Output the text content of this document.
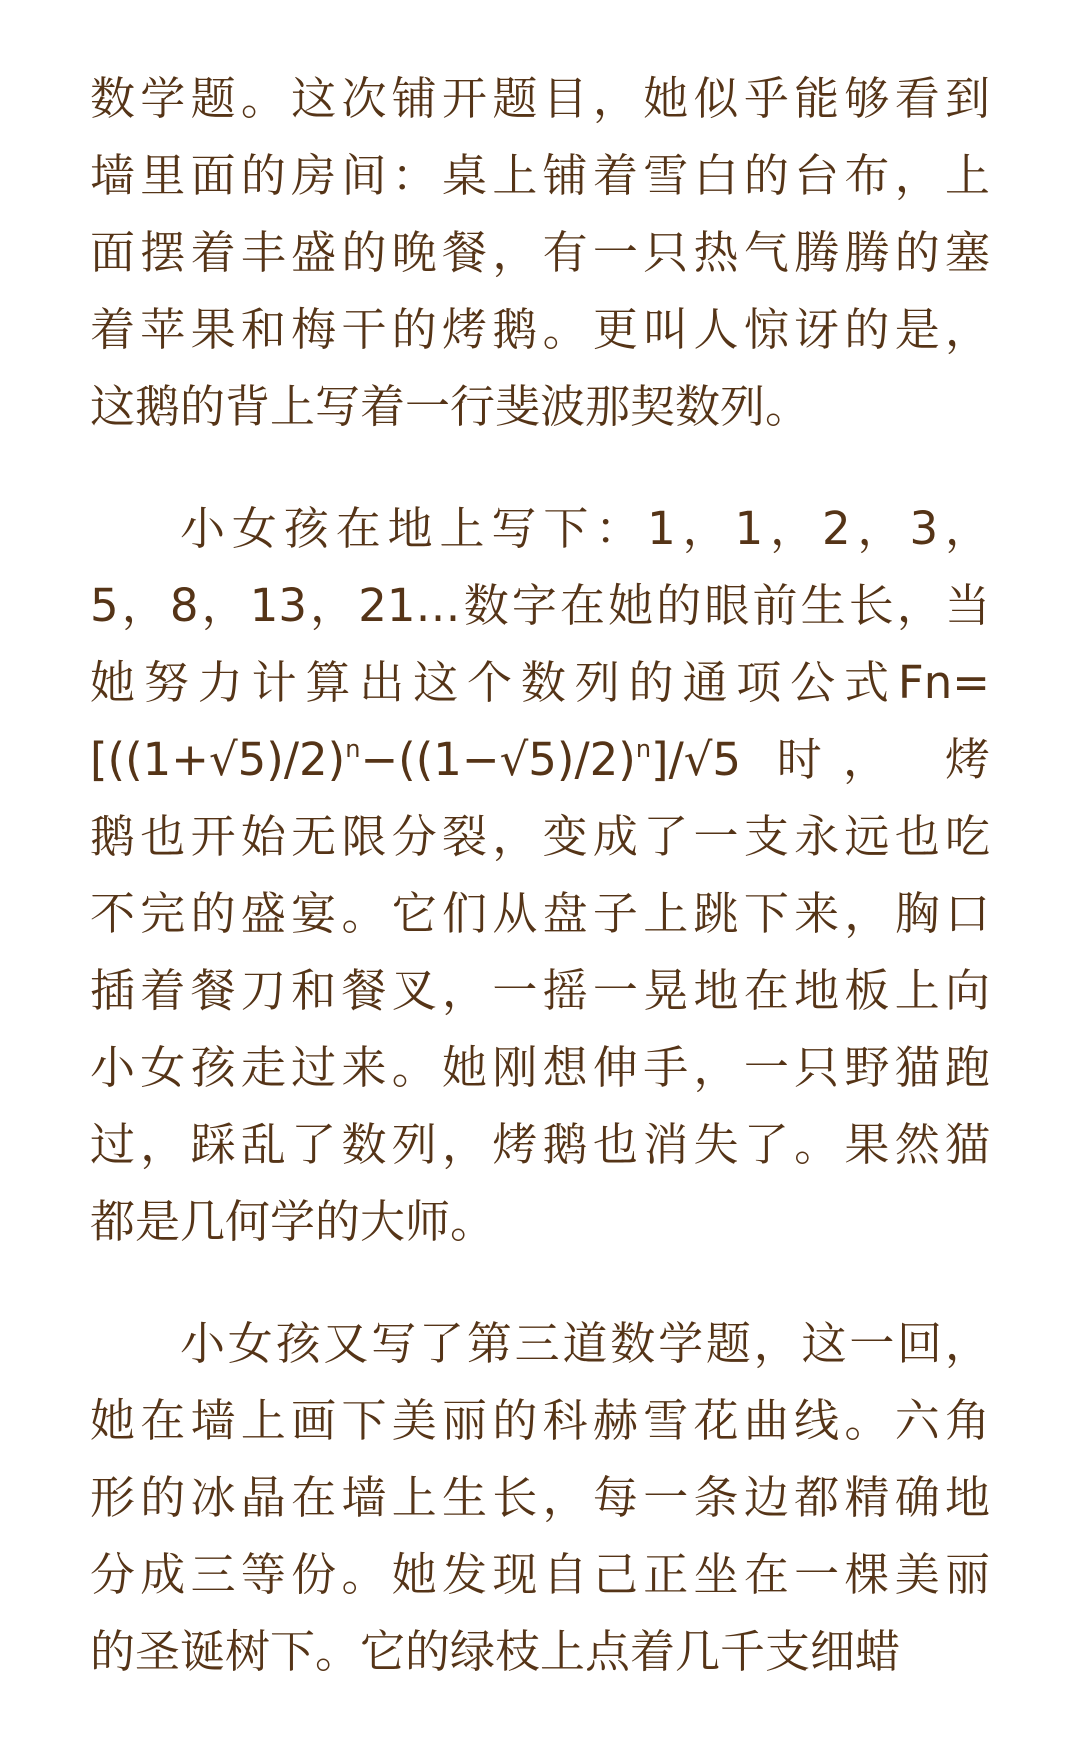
数学题。这次铺开题目，她似乎能够看到
墙里面的房间：桌上铺着雪白的台布，上
面摆着丰盛的晚餐，有一只热气腾腾的塞
着苹果和梅干的烤鹅。更叫人惊讶的是，
这鹅的背上写着一行斐波那契数列。
小女孩在地上写下：1，1，2，3，
5，8，13，21…数字在她的眼前生长，当
她努力计算出这个数列的通项公式Fn=
$[((1+√5)/2)^n-((1-√5)/2)^n]/√5$ 时， 烤
鹅也开始无限分裂，变成了一支永远也吃
不完的盛宴。它们从盘子上跳下来，胸口
插着餐刀和餐叉，一摇一晃地在地板上向
小女孩走过来。她刚想伸手，一只野猫跑
过，踩乱了数列，烤鹅也消失了。果然猫
都是几何学的大师。
小女孩又写了第三道数学题，这一回，
她在墙上画下美丽的科赫雪花曲线。六角
形的冰晶在墙上生长，每一条边都精确地
分成三等份。她发现自己正坐在一棵美丽
的圣诞树下。它的绿枝上点着几千支细蜡
